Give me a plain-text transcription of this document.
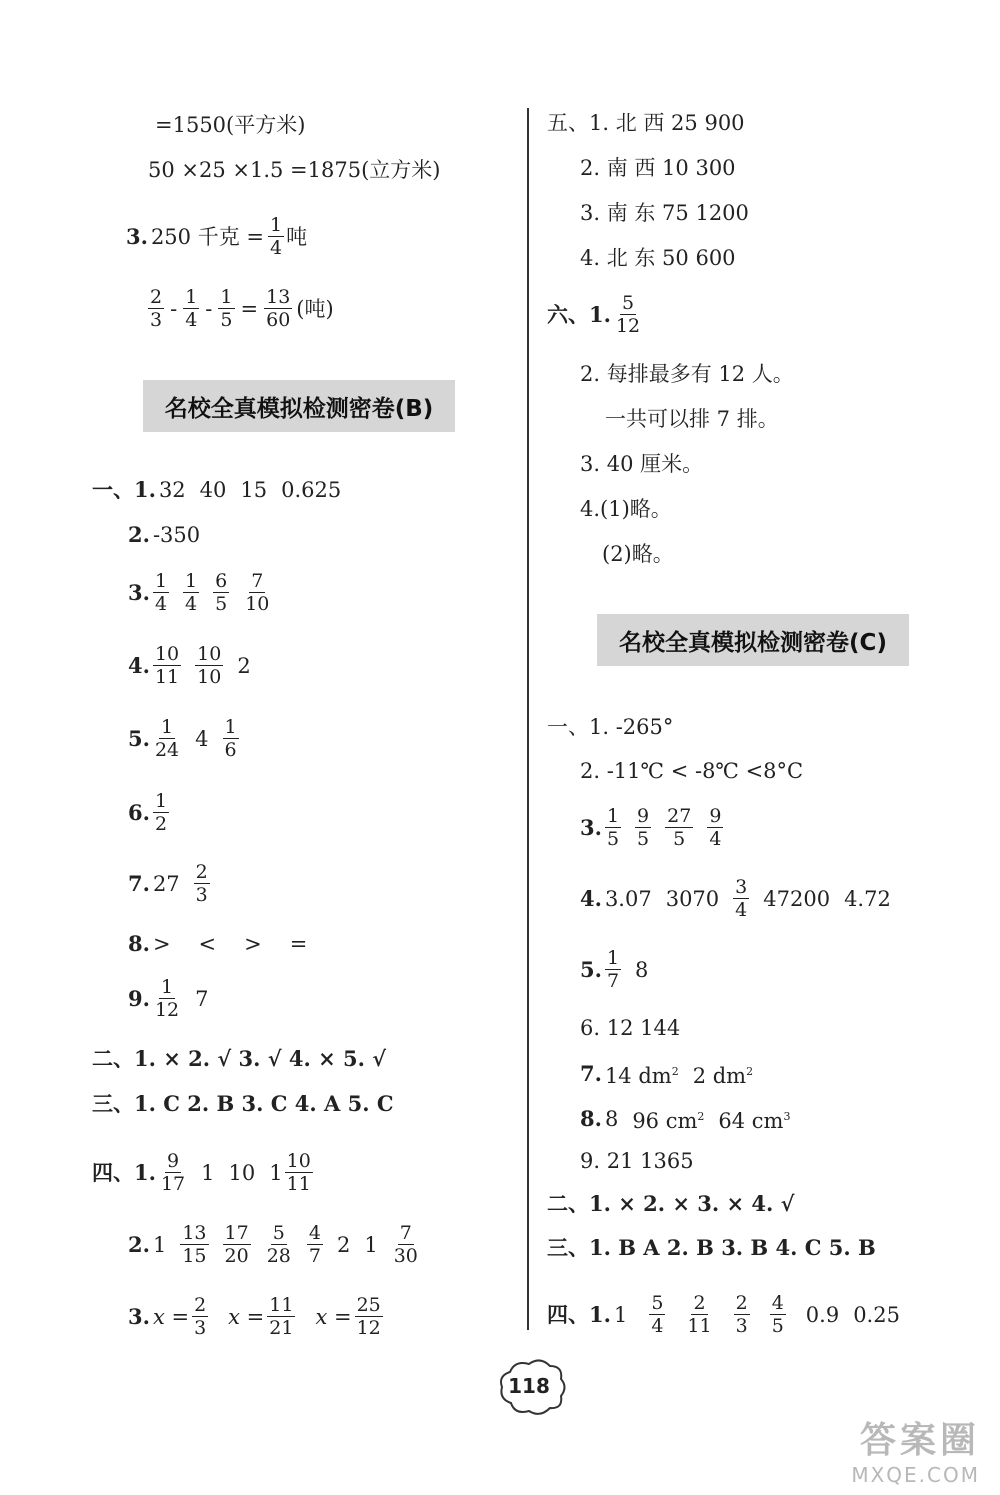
=1550(平方米)
50 ×25 ×1.5 =1875(立方米)
3. 250 千克 = $\frac{1}{4}$ 吨
$\frac{2}{3} - \frac{1}{4} - \frac{1}{5} = \frac{13}{60}$ (吨)
名校全真模拟检测密卷(B)
一、1. 32 40 15 0.625
2. -350
3. $\frac{1}{4} \frac{1}{4} \frac{6}{5} \frac{7}{10}$
4. $\frac{10}{11} \frac{10}{10} 2$
5. $\frac{1}{24} 4 \frac{1}{6}$
6. $\frac{1}{2}$
7. $27 \frac{2}{3}$
8. > < > =
9. $\frac{1}{12} 7$
二、1. × 2. √ 3. √ 4. × 5. √
三、1. C 2. B 3. C 4. A 5. C
四、1. $\frac{9}{17} 1$ 10 $1 \frac{10}{11}$
2. $1 \frac{13}{15} \frac{17}{20} \frac{5}{28} \frac{4}{7} 2$ $1 \frac{7}{30}$
3. $x = \frac{2}{3}$ $x = \frac{11}{21}$ $x = \frac{25}{12}$
五、1. 北 西 25 900
2. 南 西 10 300
3. 南 东 75 1200
4. 北 东 50 600
六、1. $\frac{5}{12}$
2. 每排最多有 12 人。
一共可以排 7 排。
3. 40 厘米。
4.(1)略。
(2)略。
名校全真模拟检测密卷(C)
一、1. -265°
2. -11℃ < -8℃ <8°C
3. $\frac{1}{5} \frac{9}{5} \frac{27}{5} \frac{9}{4}$
4. 3.07 $3070 \frac{3}{4} 47200$ 4.72
5. $\frac{1}{7} 8$
6. 12 144
7. 14 $dm^2$ 2 $dm^2$
8. 8 96 $cm^2$ 64 $cm^3$
9. 21 1365
二、1. × 2. × 3. × 4. √
三、1. B A 2. B 3. B 4. C 5. B
四、1. $1 \frac{5}{4} \frac{2}{11} \frac{2}{3} \frac{4}{5} 0.9$ 0.25
118
答案圈
MXQE.COM
